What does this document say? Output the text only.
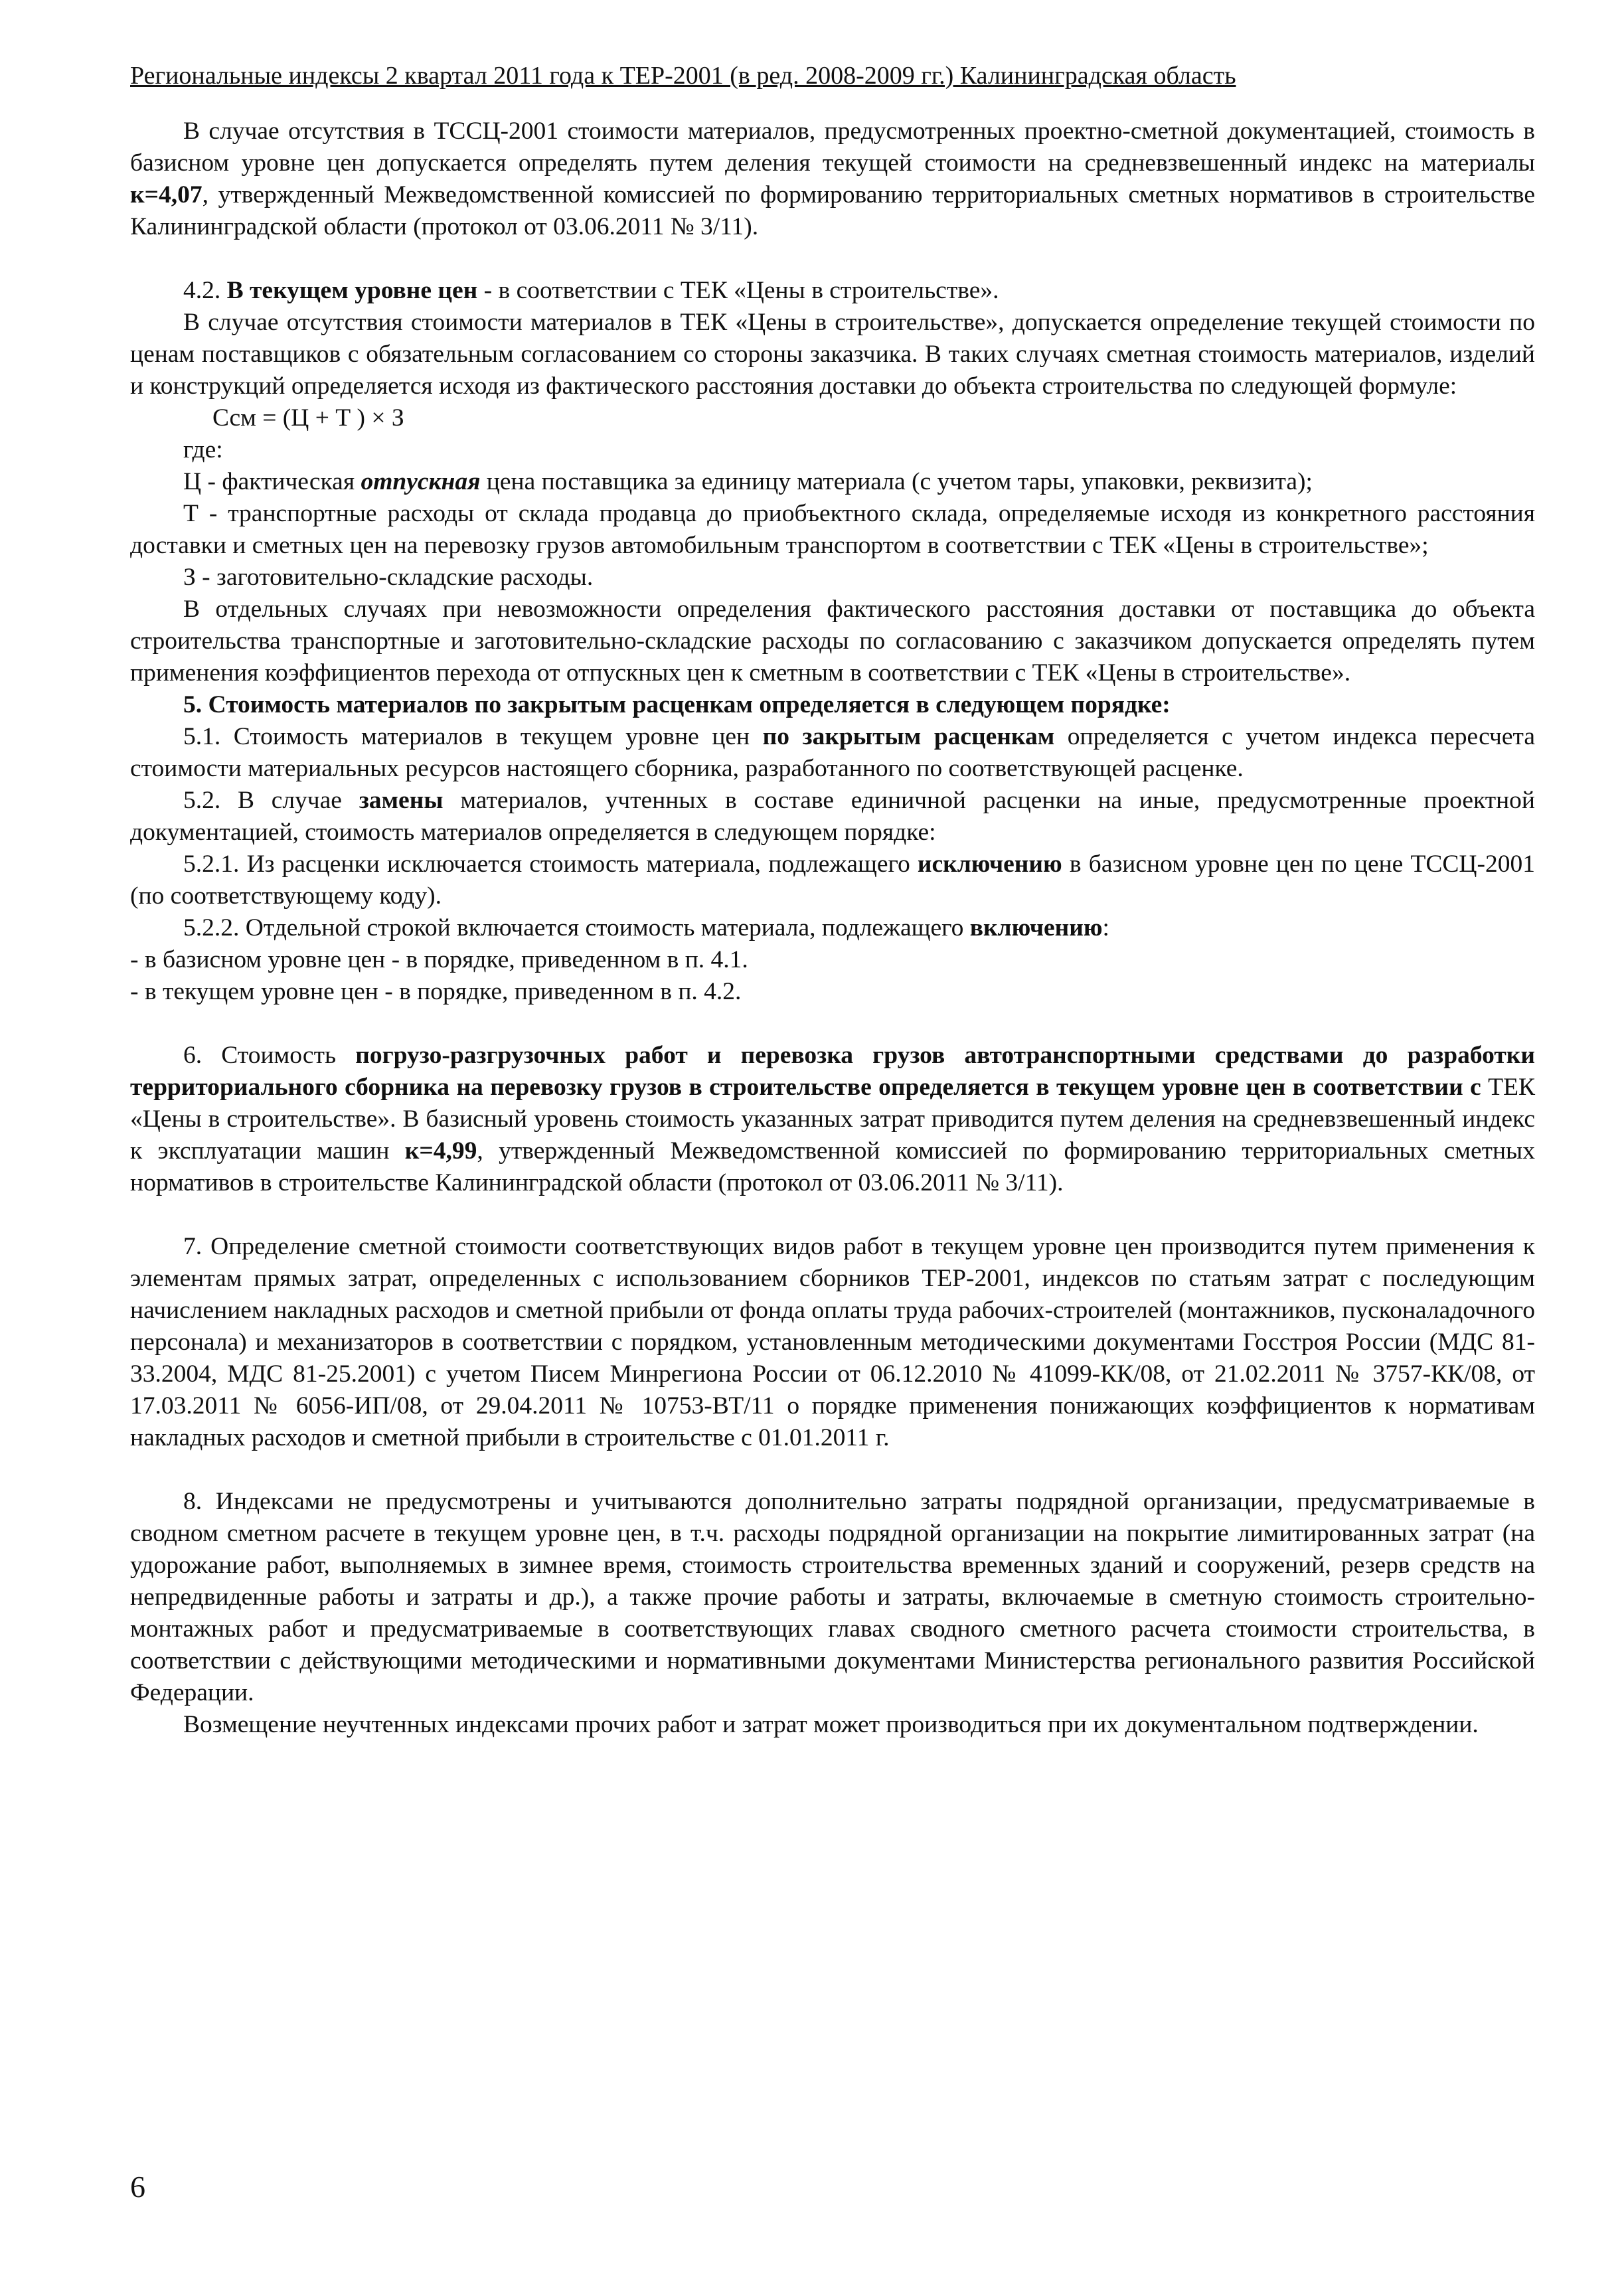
Региональные индексы 2 квартал 2011 года к ТЕР-2001 (в ред. 2008-2009 гг.) Калининградская область

В случае отсутствия в ТССЦ-2001 стоимости материалов, предусмотренных проектно-сметной документацией, стоимость в базисном уровне цен допускается определять путем деления текущей стоимости на средневзвешенный индекс на материалы к=4,07, утвержденный Межведомственной комиссией по формированию территориальных сметных нормативов в строительстве Калининградской области (протокол от 03.06.2011 № 3/11).

4.2. В текущем уровне цен - в соответствии с ТЕК «Цены в строительстве».

В случае отсутствия стоимости материалов в ТЕК «Цены в строительстве», допускается определение текущей стоимости по ценам поставщиков с обязательным согласованием со стороны заказчика. В таких случаях сметная стоимость материалов, изделий и конструкций определяется исходя из фактического расстояния доставки до объекта строительства по следующей формуле:

Ссм = (Ц + Т ) × З

где:

Ц - фактическая отпускная цена поставщика за единицу материала (с учетом тары, упаковки, реквизита);

Т - транспортные расходы от склада продавца до приобъектного склада, определяемые исходя из конкретного расстояния доставки и сметных цен на перевозку грузов автомобильным транспортом в соответствии с ТЕК «Цены в строительстве»;

З - заготовительно-складские расходы.

В отдельных случаях при невозможности определения фактического расстояния доставки от поставщика до объекта строительства транспортные и заготовительно-складские расходы по согласованию с заказчиком допускается определять путем применения коэффициентов перехода от отпускных цен к сметным в соответствии с ТЕК «Цены в строительстве».

5. Стоимость материалов по закрытым расценкам определяется в следующем порядке:

5.1. Стоимость материалов в текущем уровне цен по закрытым расценкам определяется с учетом индекса пересчета стоимости материальных ресурсов настоящего сборника, разработанного по соответствующей расценке.

5.2. В случае замены материалов, учтенных в составе единичной расценки на иные, предусмотренные проектной документацией, стоимость материалов определяется в следующем порядке:

5.2.1. Из расценки исключается стоимость материала, подлежащего исключению в базисном уровне цен по цене ТССЦ-2001 (по соответствующему коду).

5.2.2. Отдельной строкой включается стоимость материала, подлежащего включению:

- в базисном уровне цен - в порядке, приведенном в п. 4.1.

- в текущем уровне цен - в порядке, приведенном в п. 4.2.

6. Стоимость погрузо-разгрузочных работ и перевозка грузов автотранспортными средствами до разработки территориального сборника на перевозку грузов в строительстве определяется в текущем уровне цен в соответствии с ТЕК «Цены в строительстве». В базисный уровень стоимость указанных затрат приводится путем деления на средневзвешенный индекс к эксплуатации машин к=4,99, утвержденный Межведомственной комиссией по формированию территориальных сметных нормативов в строительстве Калининградской области (протокол от 03.06.2011 № 3/11).

7. Определение сметной стоимости соответствующих видов работ в текущем уровне цен производится путем применения к элементам прямых затрат, определенных с использованием сборников ТЕР-2001, индексов по статьям затрат с последующим начислением накладных расходов и сметной прибыли от фонда оплаты труда рабочих-строителей (монтажников, пусконаладочного персонала) и механизаторов в соответствии с порядком, установленным методическими документами Госстроя России (МДС 81-33.2004, МДС 81-25.2001) с учетом Писем Минрегиона России от 06.12.2010 № 41099-КК/08, от 21.02.2011 № 3757-КК/08, от 17.03.2011 № 6056-ИП/08, от 29.04.2011 № 10753-ВТ/11 о порядке применения понижающих коэффициентов к нормативам накладных расходов и сметной прибыли в строительстве с 01.01.2011 г.

8. Индексами не предусмотрены и учитываются дополнительно затраты подрядной организации, предусматриваемые в сводном сметном расчете в текущем уровне цен, в т.ч. расходы подрядной организации на покрытие лимитированных затрат (на удорожание работ, выполняемых в зимнее время, стоимость строительства временных зданий и сооружений, резерв средств на непредвиденные работы и затраты и др.), а также прочие работы и затраты, включаемые в сметную стоимость строительно-монтажных работ и предусматриваемые в соответствующих главах сводного сметного расчета стоимости строительства, в соответствии с действующими методическими и нормативными документами Министерства регионального развития Российской Федерации.

Возмещение неучтенных индексами прочих работ и затрат может производиться при их документальном подтверждении.

6
